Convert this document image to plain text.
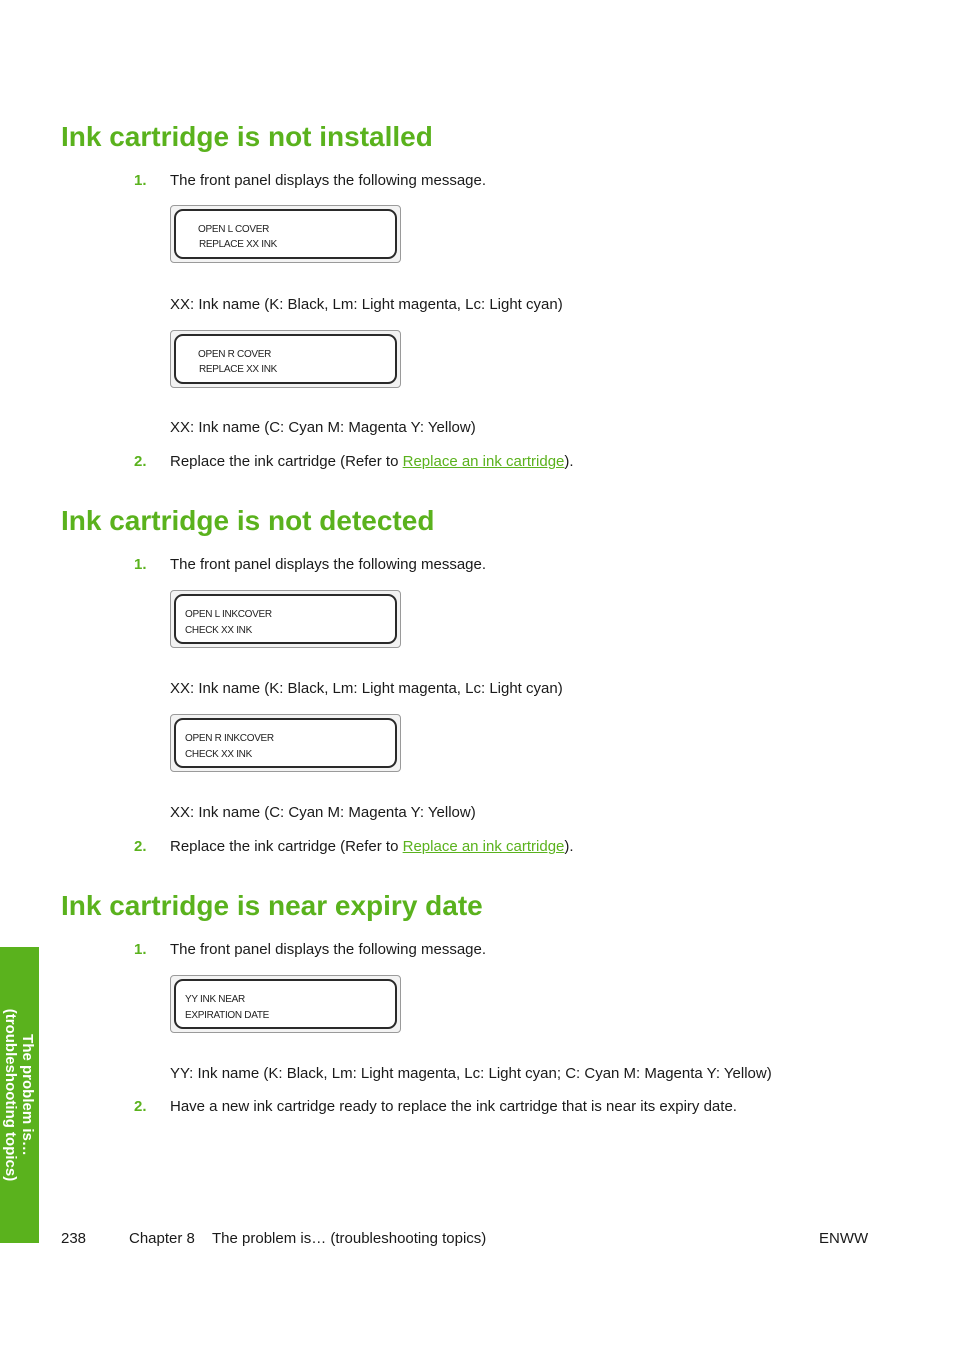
Ink cartridge is not installed
1. The front panel displays the following message.
OPEN L COVER
REPLACE XX INK
XX: Ink name (K: Black, Lm: Light magenta, Lc: Light cyan)
OPEN R COVER
REPLACE XX INK
XX: Ink name (C: Cyan M: Magenta Y: Yellow)
2. Replace the ink cartridge (Refer to Replace an ink cartridge).
Ink cartridge is not detected
1. The front panel displays the following message.
OPEN L INKCOVER
CHECK XX INK
XX: Ink name (K: Black, Lm: Light magenta, Lc: Light cyan)
OPEN R INKCOVER
CHECK XX INK
XX: Ink name (C: Cyan M: Magenta Y: Yellow)
2. Replace the ink cartridge (Refer to Replace an ink cartridge).
Ink cartridge is near expiry date
1. The front panel displays the following message.
YY INK NEAR
EXPIRATION DATE
YY: Ink name (K: Black, Lm: Light magenta, Lc: Light cyan; C: Cyan M: Magenta Y: Yellow)
2. Have a new ink cartridge ready to replace the ink cartridge that is near its expiry date.
The problem is…
(troubleshooting topics)
238	Chapter 8 The problem is… (troubleshooting topics)	ENWW
